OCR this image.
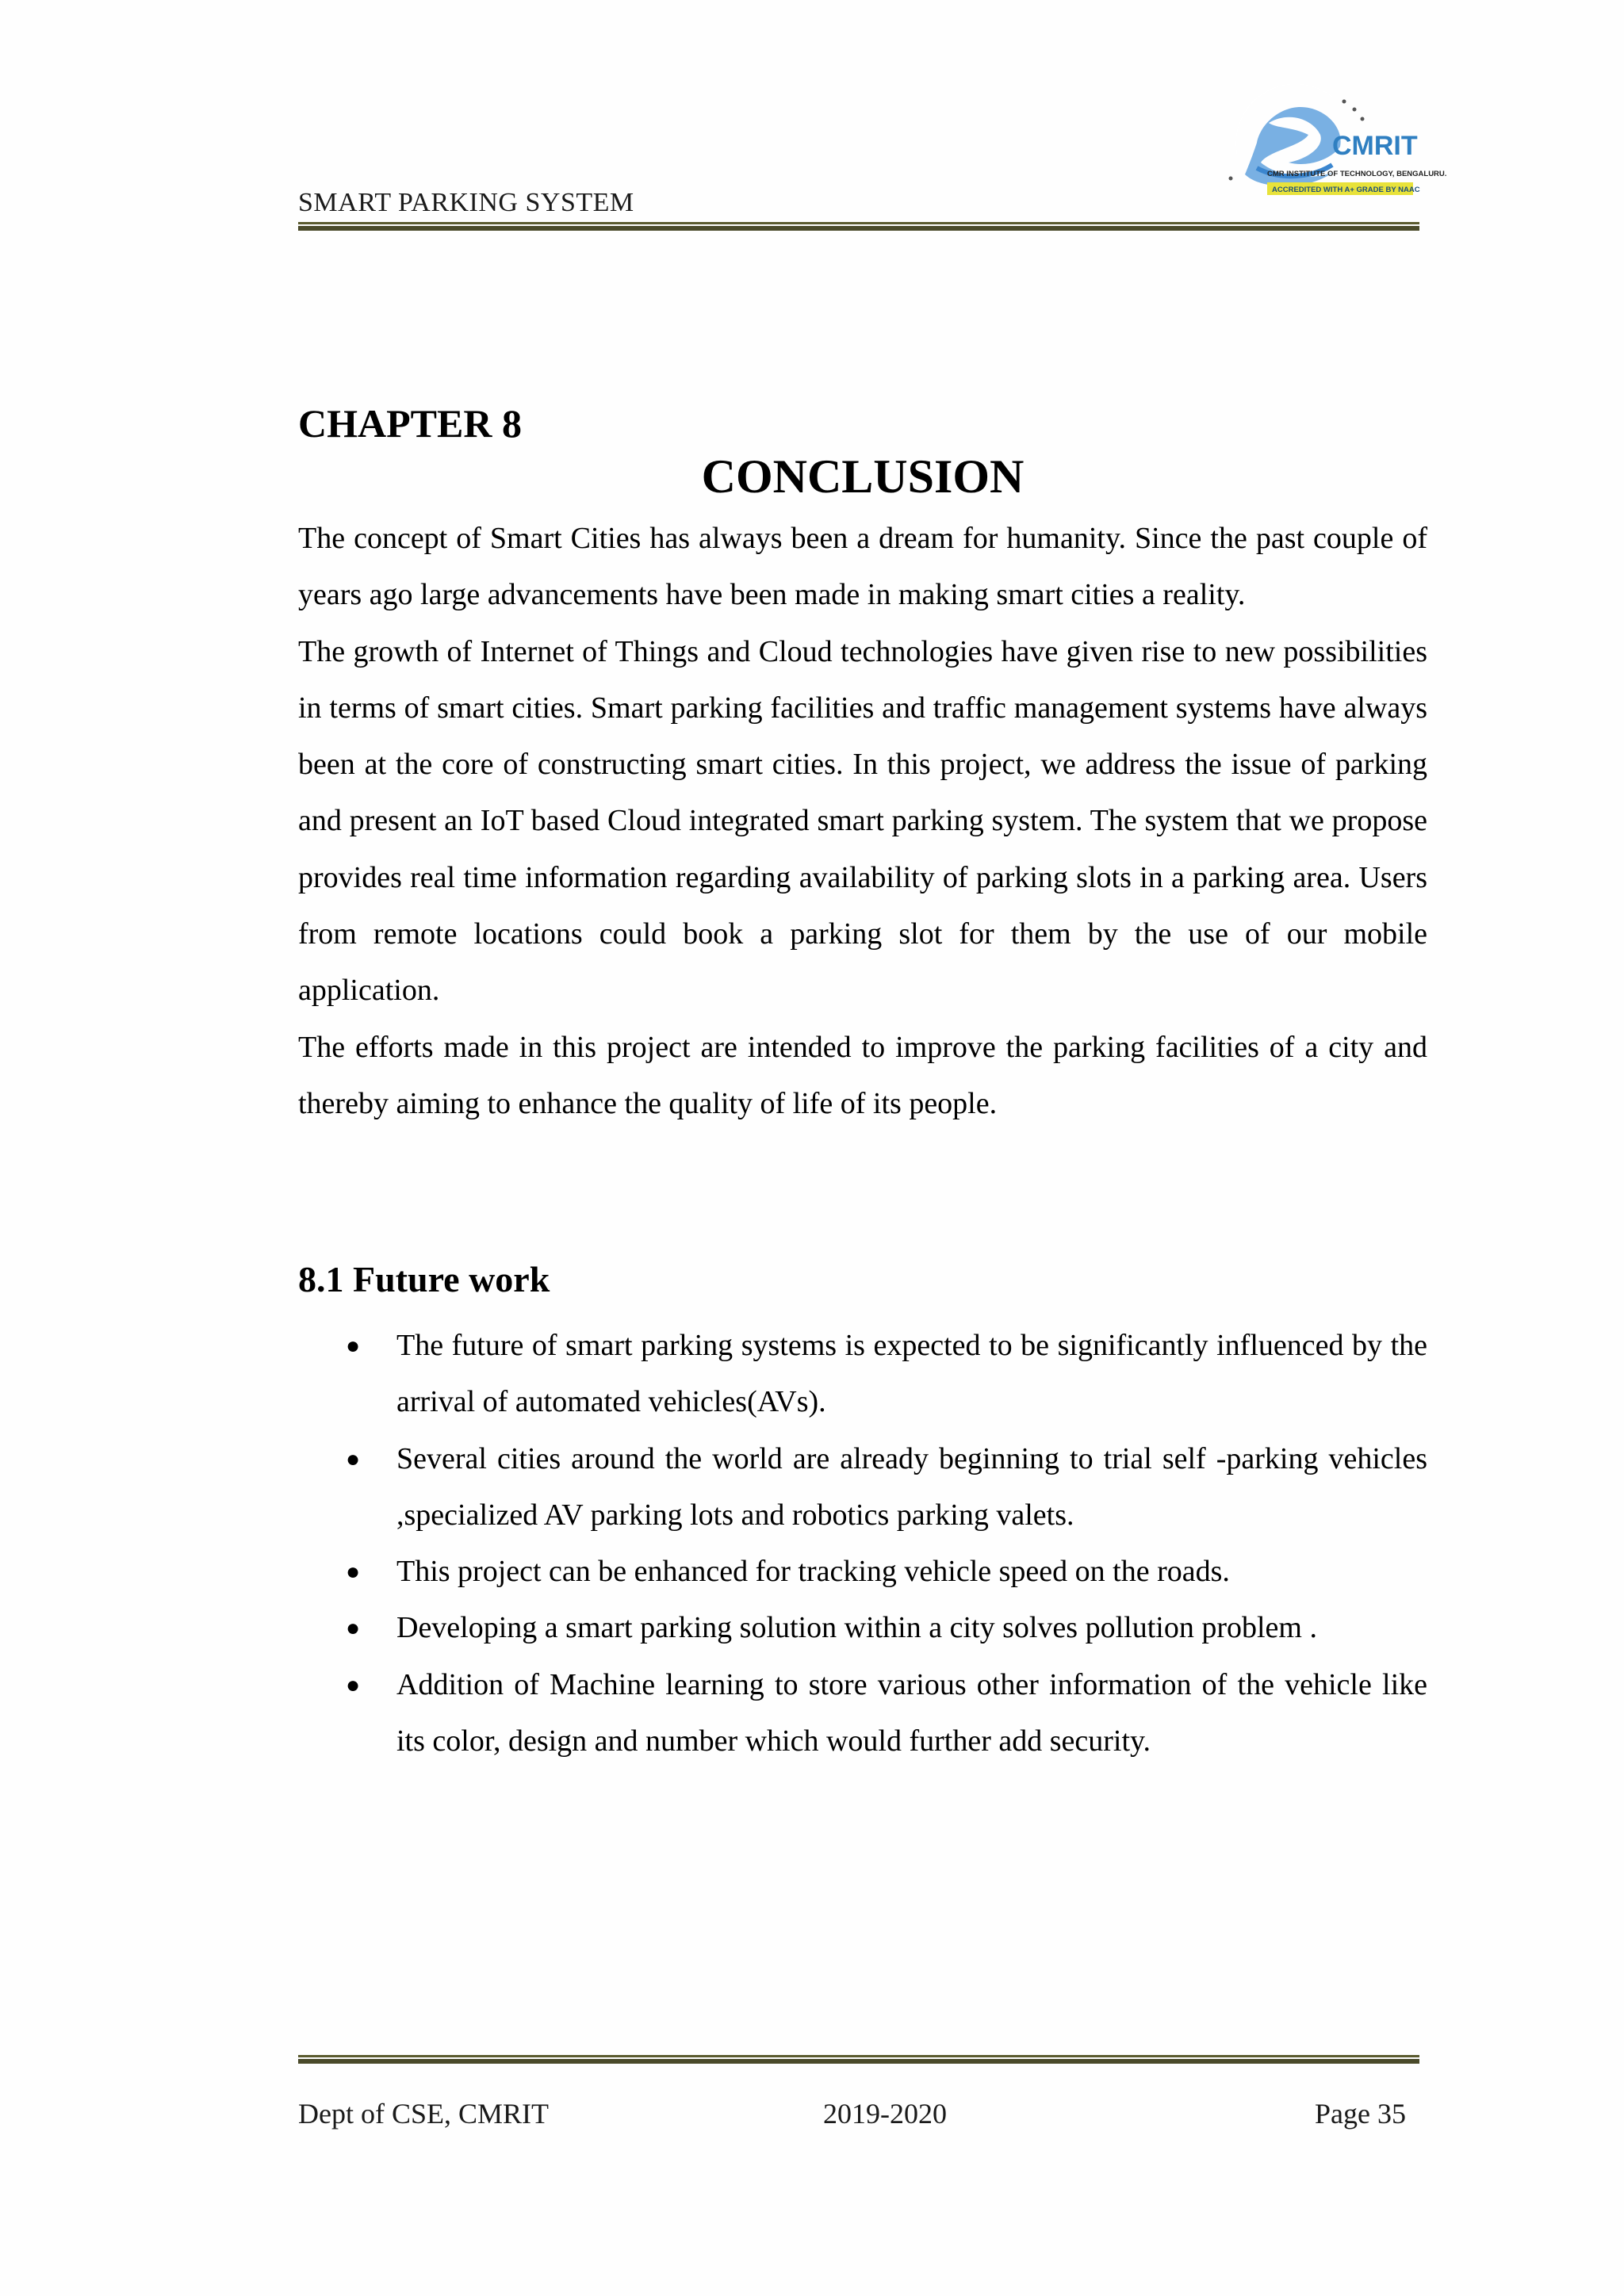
SMART PARKING SYSTEM
CMRIT
CMR INSTITUTE OF TECHNOLOGY, BENGALURU.
ACCREDITED WITH A+ GRADE BY NAAC
CHAPTER 8
CONCLUSION

The concept of Smart Cities has always been a dream for humanity. Since the past couple of years ago large advancements have been made in making smart cities a reality.

The growth of Internet of Things and Cloud technologies have given rise to new possibilities in terms of smart cities. Smart parking facilities and traffic management systems have always been at the core of constructing smart cities. In this project, we address the issue of parking and present an IoT based Cloud integrated smart parking system. The system that we propose provides real time information regarding availability of parking slots in a parking area. Users from remote locations could book a parking slot for them by the use of our mobile application.

The efforts made in this project are intended to improve the parking facilities of a city and thereby aiming to enhance the quality of life of its people.

8.1 Future work
● The future of smart parking systems is expected to be significantly influenced by the arrival of automated vehicles(AVs).
● Several cities around the world are already beginning to trial self -parking vehicles ,specialized AV parking lots and robotics parking valets.
● This project can be enhanced for tracking vehicle speed on the roads.
● Developing a smart parking solution within a city solves pollution problem .
● Addition of Machine learning to store various other information of the vehicle like its color, design and number which would further add security.
Dept of CSE, CMRIT	2019-2020	Page 35
